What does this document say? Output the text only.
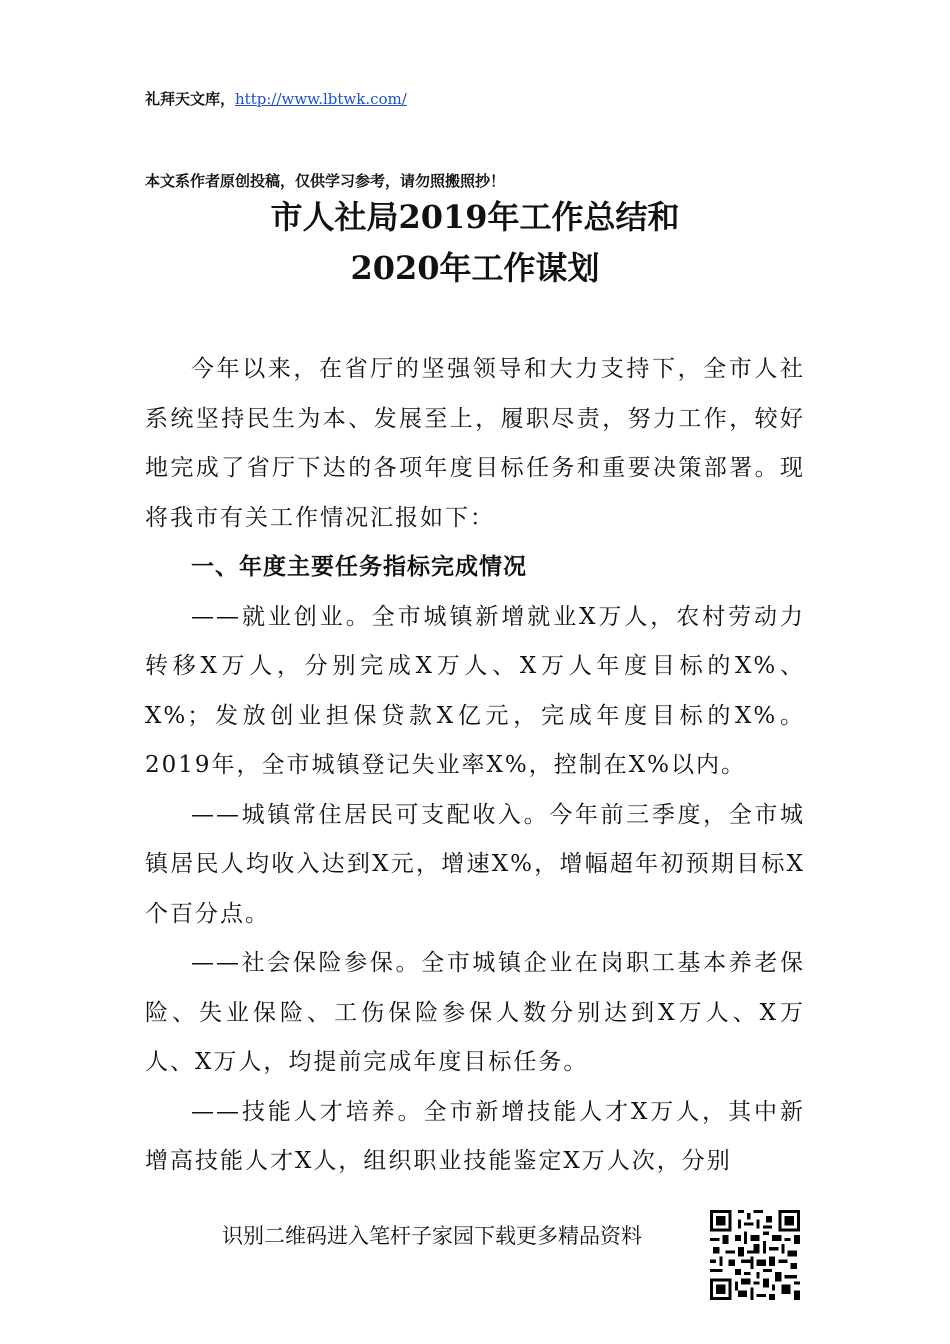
礼拜天文库，http://www.lbtwk.com/
本文系作者原创投稿，仅供学习参考，请勿照搬照抄！
市人社局2019年工作总结和
2020年工作谋划

今年以来，在省厅的坚强领导和大力支持下，全市人社系统坚持民生为本、发展至上，履职尽责，努力工作，较好地完成了省厅下达的各项年度目标任务和重要决策部署。现将我市有关工作情况汇报如下：

一、年度主要任务指标完成情况

——就业创业。全市城镇新增就业X万人，农村劳动力转移X万人，分别完成X万人、X万人年度目标的X%、X%；发放创业担保贷款X亿元，完成年度目标的X%。2019年，全市城镇登记失业率X%，控制在X%以内。

——城镇常住居民可支配收入。今年前三季度，全市城镇居民人均收入达到X元，增速X%，增幅超年初预期目标X个百分点。

——社会保险参保。全市城镇企业在岗职工基本养老保险、失业保险、工伤保险参保人数分别达到X万人、X万人、X万人，均提前完成年度目标任务。

——技能人才培养。全市新增技能人才X万人，其中新增高技能人才X人，组织职业技能鉴定X万人次，分别

识别二维码进入笔杆子家园下载更多精品资料
